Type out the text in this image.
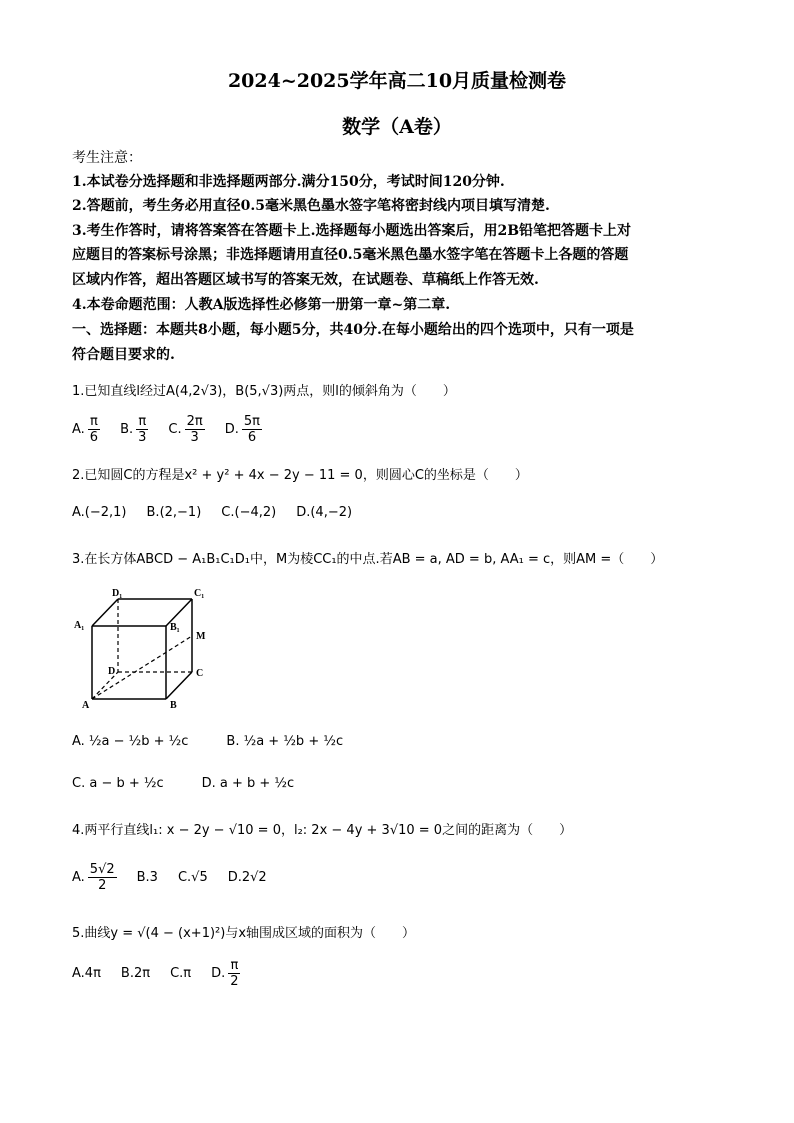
2024~2025学年高二10月质量检测卷
数学（A卷）
考生注意：
1.本试卷分选择题和非选择题两部分.满分150分，考试时间120分钟.
2.答题前，考生务必用直径0.5毫米黑色墨水签字笔将密封线内项目填写清楚.
3.考生作答时，请将答案答在答题卡上.选择题每小题选出答案后，用2B铅笔把答题卡上对
应题目的答案标号涂黑；非选择题请用直径0.5毫米黑色墨水签字笔在答题卡上各题的答题
区域内作答，超出答题区域书写的答案无效，在试题卷、草稿纸上作答无效.
4.本卷命题范围：人教A版选择性必修第一册第一章~第二章.
一、选择题：本题共8小题，每小题5分，共40分.在每小题给出的四个选项中，只有一项是
符合题目要求的.
1.已知直线l经过A(4,2√3)，B(5,√3)两点，则l的倾斜角为（　　）
A. $\frac{\pi}{6} B$. $\frac{\pi}{3} C$. $\frac{2\pi}{3} D$. $\frac{5\pi}{6}$
2.已知圆C的方程是x² + y² + 4x − 2y − 11 = 0，则圆心C的坐标是（　　）
A.(−2,1) B.(2,−1) C.(−4,2) D.(4,−2)
3.在长方体ABCD − A₁B₁C₁D₁中，M为棱CC₁的中点.若AB = a, AD = b, AA₁ = c，则AM =（　　）
D₁	C₁
A₁	B₁
M
D	C
A	B
A. ½a − ½b + ½c	B. ½a + ½b + ½c
C. a − b + ½c	D. a + b + ½c
4.两平行直线l₁: x − 2y − √10 = 0，l₂: 2x − 4y + 3√10 = 0之间的距离为（　　）
A. $\frac{5√2}{2} B.3$ C.√5 D.2√2
5.曲线y = √(4 − (x+1)²)与x轴围成区域的面积为（　　）
A.4π B.2π C.π D. $\frac{\pi}{2}$
